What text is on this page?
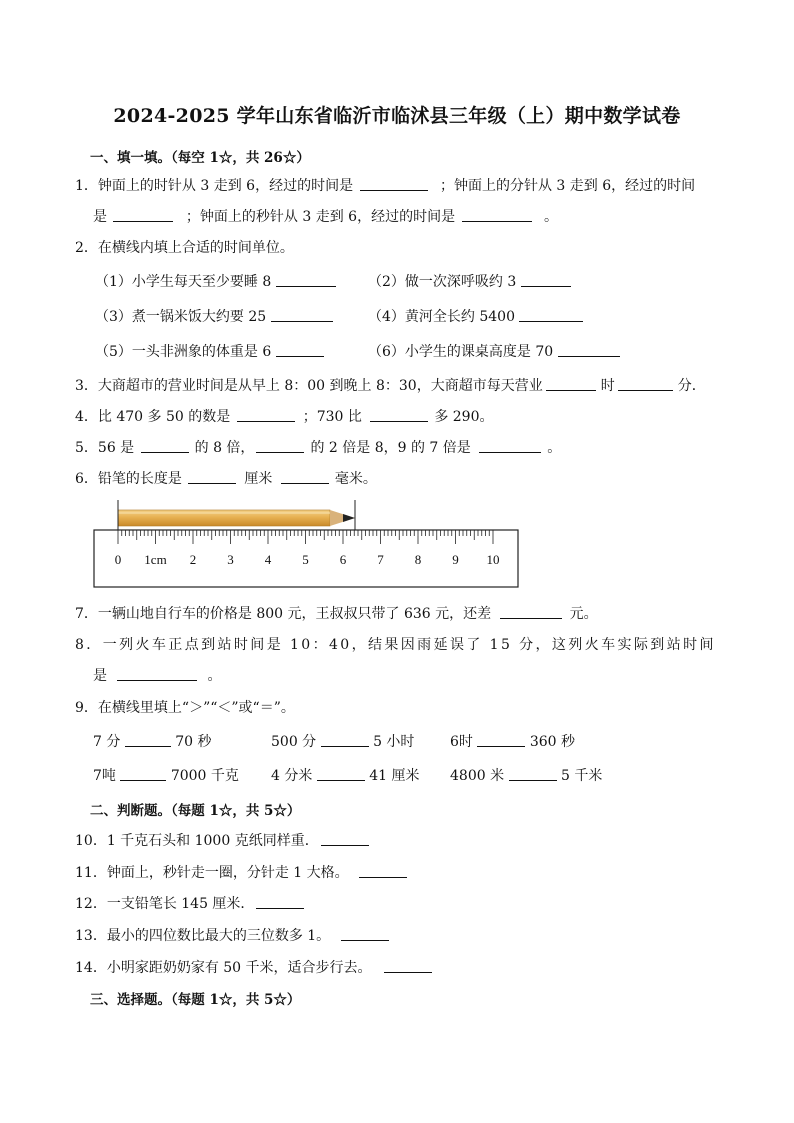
2024-2025 学年山东省临沂市临沭县三年级（上）期中数学试卷
一、填一填。（每空 1☆，共 26☆）
1．钟面上的时针从 3 走到 6，经过的时间是	；钟面上的分针从 3 走到 6，经过的时间
是	；钟面上的秒针从 3 走到 6，经过的时间是	。
2．在横线内填上合适的时间单位。
（1）小学生每天至少要睡 8	（2）做一次深呼吸约 3
（3）煮一锅米饭大约要 25	（4）黄河全长约 5400
（5）一头非洲象的体重是 6	（6）小学生的课桌高度是 70
3．大商超市的营业时间是从早上 8：00 到晚上 8：30，大商超市每天营业	时	分．
4．比 470 多 50 的数是	；730 比	多 290。
5．56 是	的 8 倍，	的 2 倍是 8，9 的 7 倍是	。
6．铅笔的长度是	厘米	毫米。
0 1cm 2 3 4 5 6 7 8 9 10
7．一辆山地自行车的价格是 800 元，王叔叔只带了 636 元，还差	元。
8．一列火车正点到站时间是 10：40，结果因雨延误了 15 分，这列火车实际到站时间
是	。
9．在横线里填上“＞”“＜”或“＝”。
7 分	70 秒	500 分	5 小时	6时	360 秒
7吨	7000 千克 4 分米	41 厘米 4800 米	5 千米
二、判断题。（每题 1☆，共 5☆）
10．1 千克石头和 1000 克纸同样重．
11．钟面上，秒针走一圈，分针走 1 大格。
12．一支铅笔长 145 厘米．
13．最小的四位数比最大的三位数多 1。
14．小明家距奶奶家有 50 千米，适合步行去。
三、选择题。（每题 1☆，共 5☆）
